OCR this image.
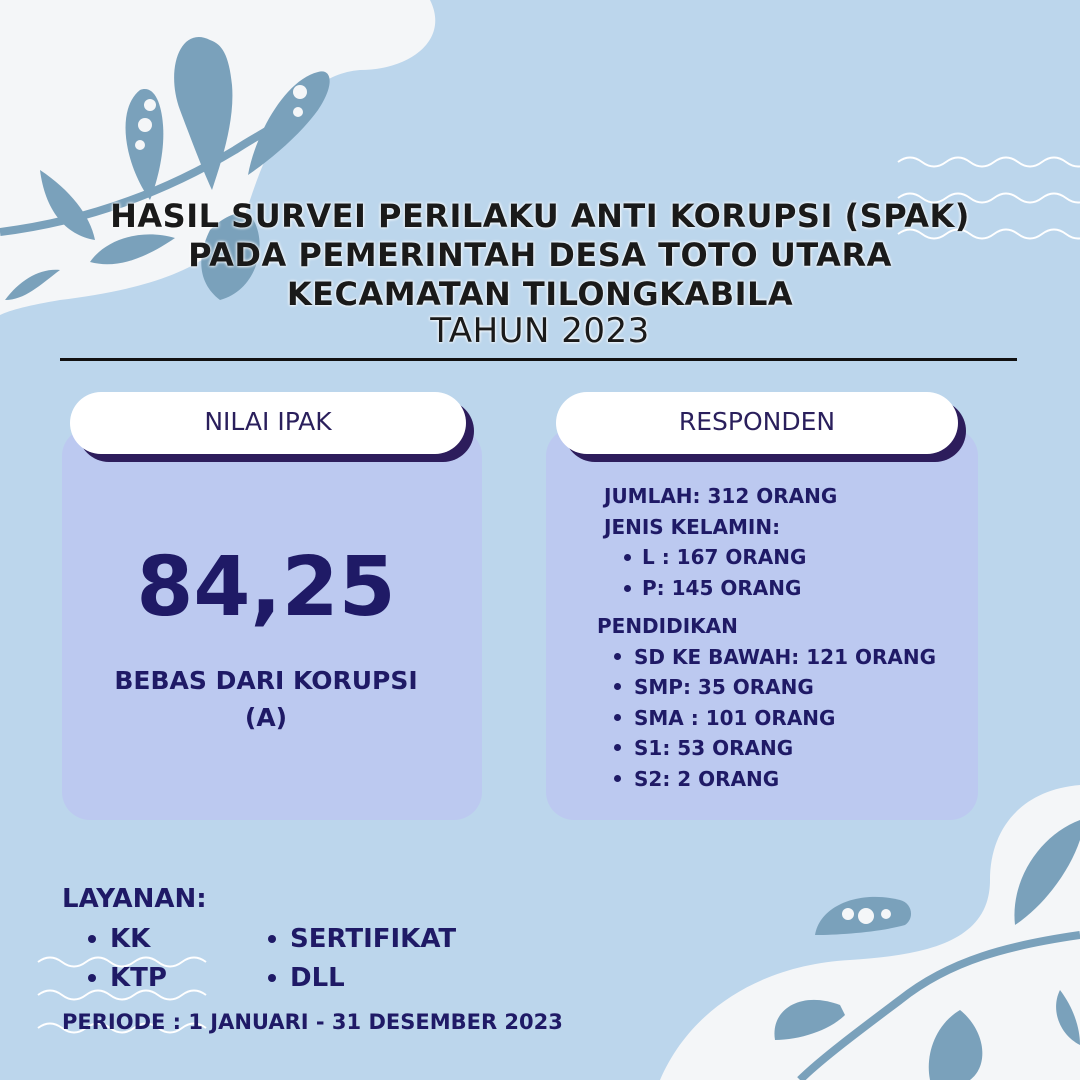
HASIL SURVEI PERILAKU ANTI KORUPSI (SPAK)
PADA PEMERINTAH DESA TOTO UTARA
KECAMATAN TILONGKABILA
TAHUN 2023
NILAI IPAK
84,25
BEBAS DARI KORUPSI
(A)
RESPONDEN
JUMLAH: 312 ORANG
JENIS KELAMIN:
L : 167 ORANG
P: 145 ORANG
PENDIDIKAN
SD KE BAWAH: 121 ORANG
SMP: 35 ORANG
SMA : 101 ORANG
S1: 53 ORANG
S2: 2 ORANG
LAYANAN:
KK
KTP
SERTIFIKAT
DLL
PERIODE : 1 JANUARI - 31 DESEMBER 2023
